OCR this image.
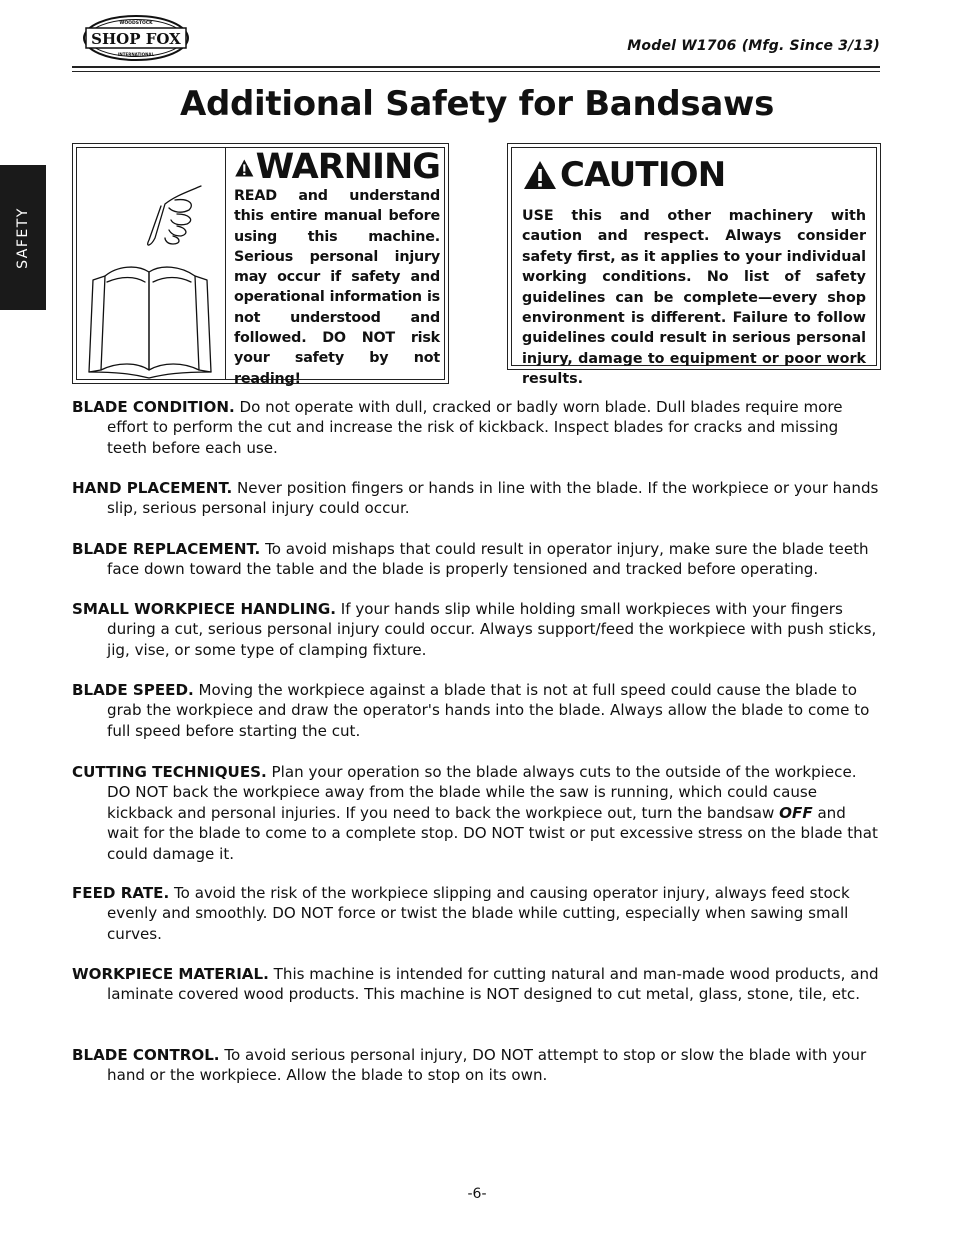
SHOP FOX
WOODSTOCK
INTERNATIONAL
Model W1706 (Mfg. Since 3/13)
Additional Safety for Bandsaws
SAFETY
WARNING
READ and understand this entire manual before using this machine. Serious personal injury may occur if safety and operational information is not understood and followed. DO NOT risk your safety by not reading!
CAUTION
USE this and other machinery with caution and respect. Always consider safety first, as it applies to your individual working conditions. No list of safety guidelines can be complete—every shop environment is different. Failure to follow guidelines could result in serious personal injury, damage to equipment or poor work results.
BLADE CONDITION. Do not operate with dull, cracked or badly worn blade. Dull blades require more effort to perform the cut and increase the risk of kickback. Inspect blades for cracks and missing teeth before each use.
HAND PLACEMENT. Never position fingers or hands in line with the blade. If the workpiece or your hands slip, serious personal injury could occur.
BLADE REPLACEMENT. To avoid mishaps that could result in operator injury, make sure the blade teeth face down toward the table and the blade is properly tensioned and tracked before operating.
SMALL WORKPIECE HANDLING. If your hands slip while holding small workpieces with your fingers during a cut, serious personal injury could occur. Always support/feed the workpiece with push sticks, jig, vise, or some type of clamping fixture.
BLADE SPEED. Moving the workpiece against a blade that is not at full speed could cause the blade to grab the workpiece and draw the operator's hands into the blade. Always allow the blade to come to full speed before starting the cut.
CUTTING TECHNIQUES. Plan your operation so the blade always cuts to the outside of the workpiece. DO NOT back the workpiece away from the blade while the saw is running, which could cause kickback and personal injuries. If you need to back the workpiece out, turn the bandsaw OFF and wait for the blade to come to a complete stop. DO NOT twist or put excessive stress on the blade that could damage it.
FEED RATE. To avoid the risk of the workpiece slipping and causing operator injury, always feed stock evenly and smoothly. DO NOT force or twist the blade while cutting, especially when sawing small curves.
WORKPIECE MATERIAL. This machine is intended for cutting natural and man-made wood products, and laminate covered wood products. This machine is NOT designed to cut metal, glass, stone, tile, etc.
BLADE CONTROL. To avoid serious personal injury, DO NOT attempt to stop or slow the blade with your hand or the workpiece. Allow the blade to stop on its own.
-6-
